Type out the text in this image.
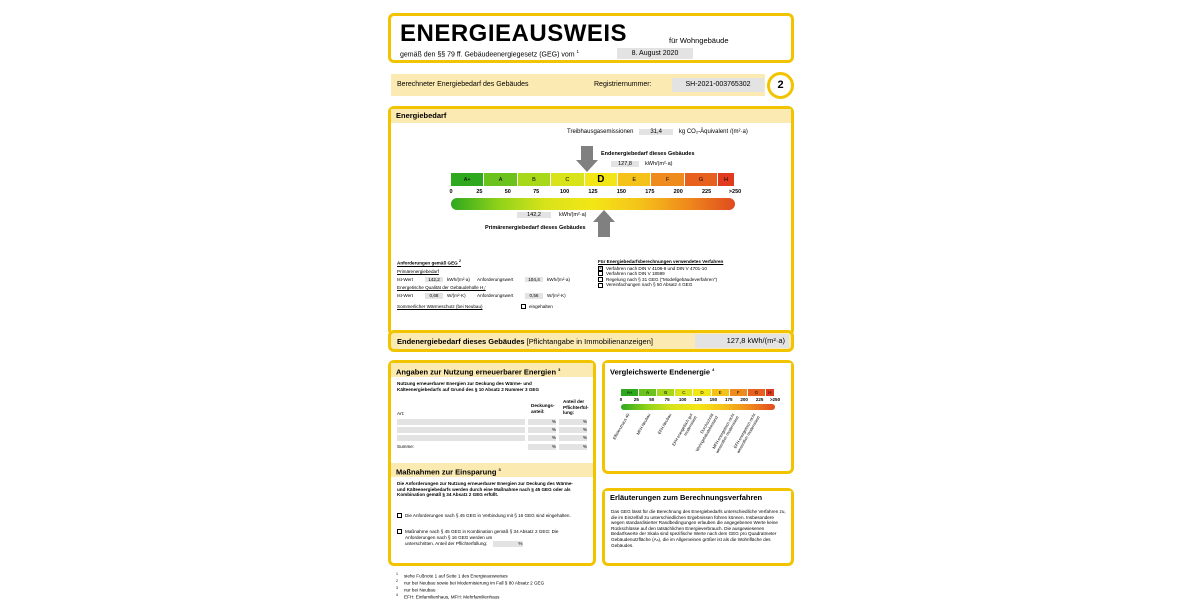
ENERGIEAUSWEIS	für Wohngebäude
gemäß den §§ 79 ff. Gebäudeenergiegesetz (GEG) vom $^1$	8. August 2020
Berechneter Energiebedarf des Gebäudes	Registriernummer:	SH-2021-003765302	2
Energiebedarf
Treibhausgasemissionen	31,4	kg CO₂-Äquivalent /(m²·a)
Endenergiebedarf dieses Gebäudes
127,8	kWh/(m²·a)
A+	A	B	C	D	E	F	G	H
0	25	50	75	100	125	150	175	200	225	>250
142,2	kWh/(m²·a)
Primärenergiebedarf dieses Gebäudes
Anforderungen gemäß GEG $^2$
Primärenergiebedarf
Ist-Wert	142,2	kWh/(m²·a)	Anforderungswert	104,4	kWh/(m²·a)
Energetische Qualität der Gebäudehülle H₁'
Ist-Wert	0,68	W/(m²·K)	Anforderungswert	0,56	W/(m²·K)
Sommerlicher Wärmeschutz (bei Neubau)	eingehalten
Für Energiebedarfsberechnungen verwendetes Verfahren
× Verfahren nach DIN V 4108-6 und DIN V 4701-10
Verfahren nach DIN V 18599
Regelung nach § 31 GEG ("Modellgebäudeverfahren")
Vereinfachungen nach § 50 Absatz 4 GEG
Endenergiebedarf dieses Gebäudes [Pflichtangabe in Immobilienanzeigen]	127,8 kWh/(m²·a)
Angaben zur Nutzung erneuerbarer Energien $^3$
Nutzung erneuerbarer Energien zur Deckung des Wärme- und Kälteenergiebedarfs auf Grund des § 10 Absatz 2 Nummer 3 GEG
Deckungs-anteil:
Anteil der Pflichterfül-lung:
Art:
%	%
%	%
%	%
Summe:	%	%
Maßnahmen zur Einsparung $^3$
Die Anforderungen zur Nutzung erneuerbarer Energien zur Deckung des Wärme- und Kälteenergiebedarfs werden durch eine Maßnahme nach § 45 GEG oder als Kombination gemäß § 34 Absatz 2 GEG erfüllt.
Die Anforderungen nach § 45 GEG in Verbindung mit § 16 GEG sind eingehalten.
Maßnahme nach § 45 GEG in Kombination gemäß § 34 Absatz 2 GEG: Die Anforderungen nach § 16 GEG werden um
unterschritten. Anteil der Pflichterfüllung:	%
Vergleichswerte Endenergie $^4$
A+	A	B	C	D	E	F	G	H
0	25 50 75 100 125 150 175 200 225 >250
Effizienzhaus 40	MFH Neubau	EFH Neubau
EFH energetisch gut modernisiert Durchschnitt Wohngebäudebestand
MFH energetisch nicht wesentlich modernisiert
EFH energetisch nicht wesentlich modernisiert
Erläuterungen zum Berechnungsverfahren
Das GEG lässt für die Berechnung des Energiebedarfs unterschiedliche Verfahren zu, die im Einzelfall zu unterschiedlichen Ergebnissen führen können. Insbesondere wegen standardisierter Randbedingungen erlauben die angegebenen Werte keine Rückschlüsse auf den tatsächlichen Energieverbrauch. Die ausgewiesenen Bedarfswerte der Skala sind spezifische Werte nach dem GEG pro Quadratmeter Gebäudenutzfläche (Aₙ), die im Allgemeinen größer ist als die Wohnfläche des Gebäudes.
$^1$ siehe Fußnote 1 auf Seite 1 des Energieausweises
$^2$ nur bei Neubau sowie bei Modernisierung im Fall § 80 Absatz 2 GEG
$^3$ nur bei Neubau
$^4$ EFH: Einfamilienhaus, MFH: Mehrfamilienhaus
